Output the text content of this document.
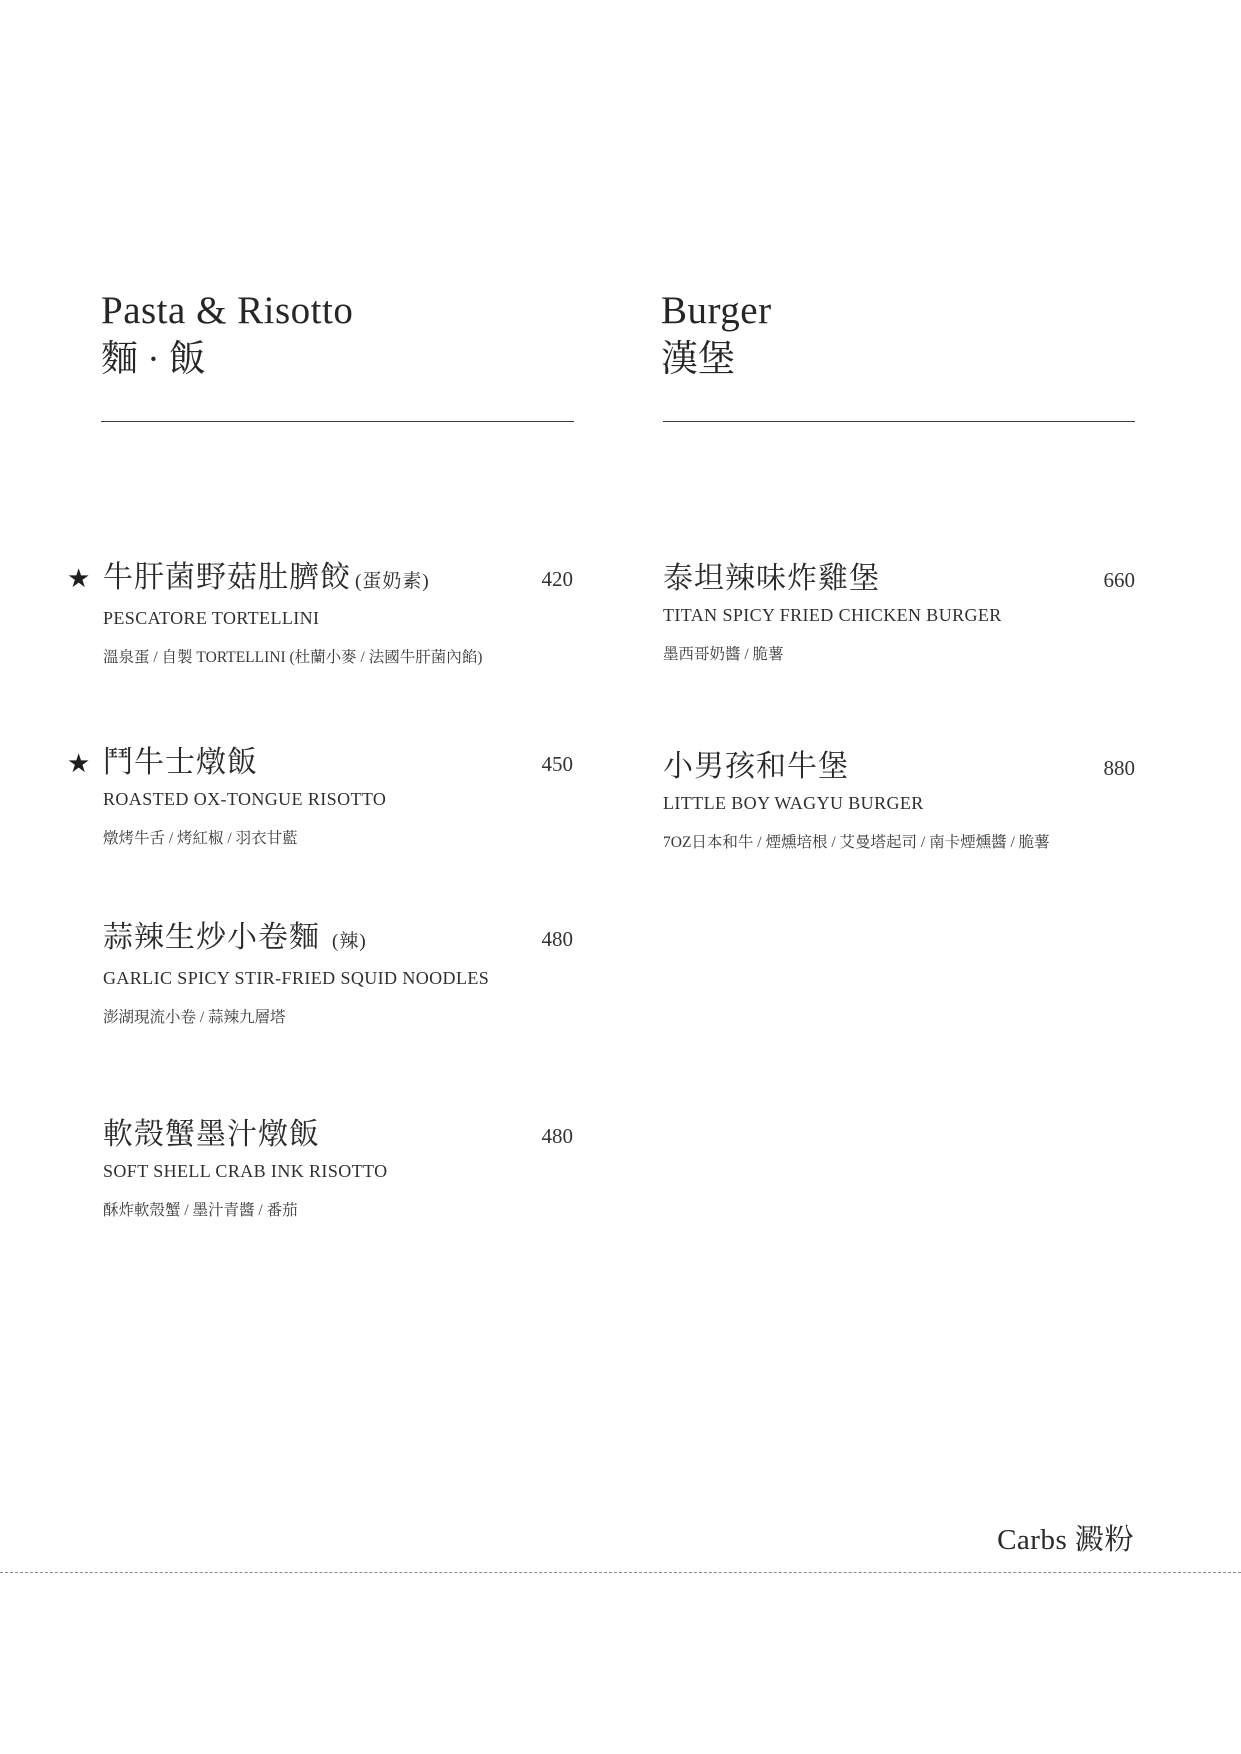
Pasta & Risotto
麵 · 飯
Burger
漢堡
★ 牛肝菌野菇肚臍餃 (蛋奶素)	420
PESCATORE TORTELLINI
溫泉蛋 / 自製 TORTELLINI (杜蘭小麥 / 法國牛肝菌內餡)
★ 鬥牛士燉飯	450
ROASTED OX-TONGUE RISOTTO
燉烤牛舌 / 烤紅椒 / 羽衣甘藍
蒜辣生炒小卷麵 (辣)	480
GARLIC SPICY STIR-FRIED SQUID NOODLES
澎湖現流小卷 / 蒜辣九層塔
軟殼蟹墨汁燉飯	480
SOFT SHELL CRAB INK RISOTTO
酥炸軟殼蟹 / 墨汁青醬 / 番茄
泰坦辣味炸雞堡	660
TITAN SPICY FRIED CHICKEN BURGER
墨西哥奶醬 / 脆薯
小男孩和牛堡	880
LITTLE BOY WAGYU BURGER
7OZ日本和牛 / 煙燻培根 / 艾曼塔起司 / 南卡煙燻醬 / 脆薯
Carbs 澱粉
